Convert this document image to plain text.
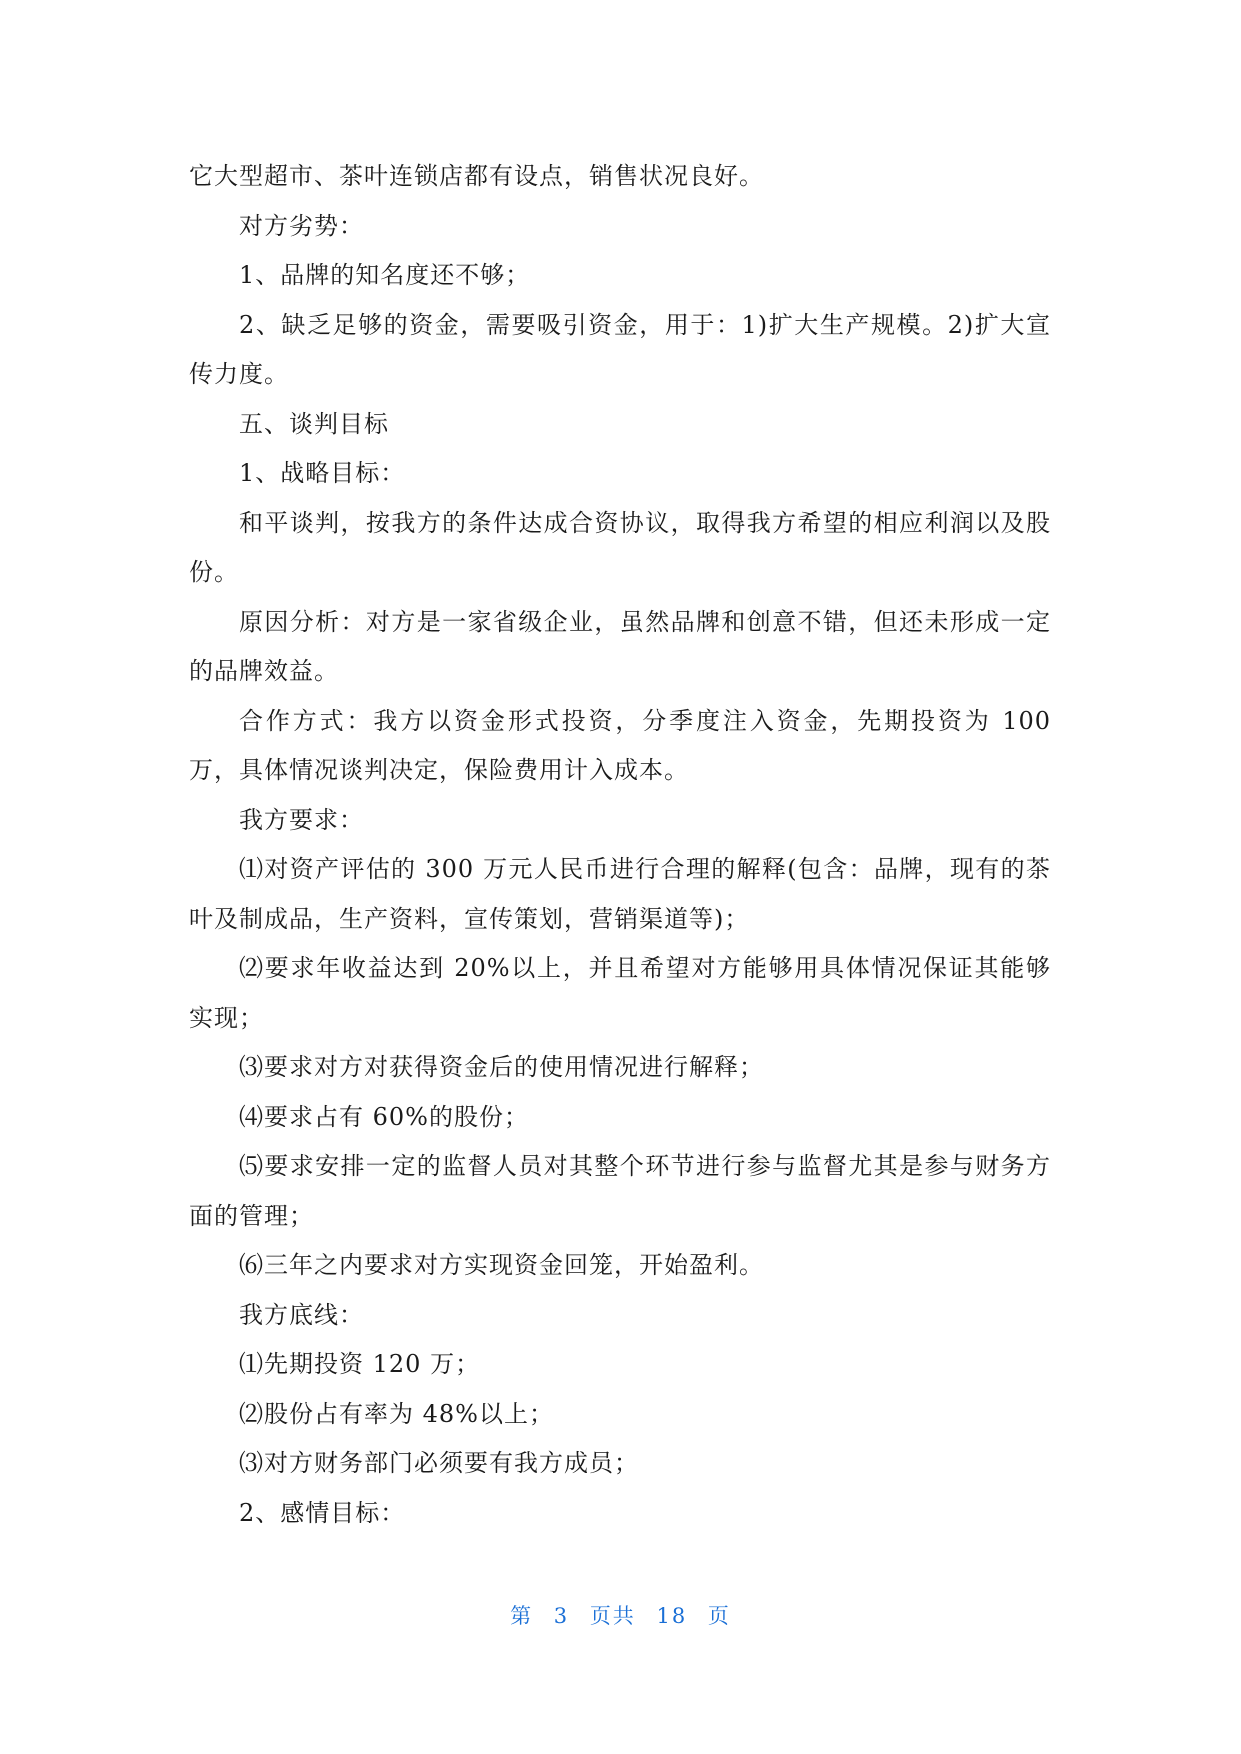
它大型超市、茶叶连锁店都有设点，销售状况良好。

对方劣势：

1、品牌的知名度还不够；

2、缺乏足够的资金，需要吸引资金，用于：1)扩大生产规模。2)扩大宣传力度。

五、谈判目标

1、战略目标：

和平谈判，按我方的条件达成合资协议，取得我方希望的相应利润以及股份。

原因分析：对方是一家省级企业，虽然品牌和创意不错，但还未形成一定的品牌效益。

合作方式：我方以资金形式投资，分季度注入资金，先期投资为 100 万，具体情况谈判决定，保险费用计入成本。

我方要求：

⑴对资产评估的 300 万元人民币进行合理的解释(包含：品牌，现有的茶叶及制成品，生产资料，宣传策划，营销渠道等)；

⑵要求年收益达到 20%以上，并且希望对方能够用具体情况保证其能够实现；

⑶要求对方对获得资金后的使用情况进行解释；

⑷要求占有 60%的股份；

⑸要求安排一定的监督人员对其整个环节进行参与监督尤其是参与财务方面的管理；

⑹三年之内要求对方实现资金回笼，开始盈利。

我方底线：

⑴先期投资 120 万；

⑵股份占有率为 48%以上；

⑶对方财务部门必须要有我方成员；

2、感情目标：

第 3 页共 18 页
